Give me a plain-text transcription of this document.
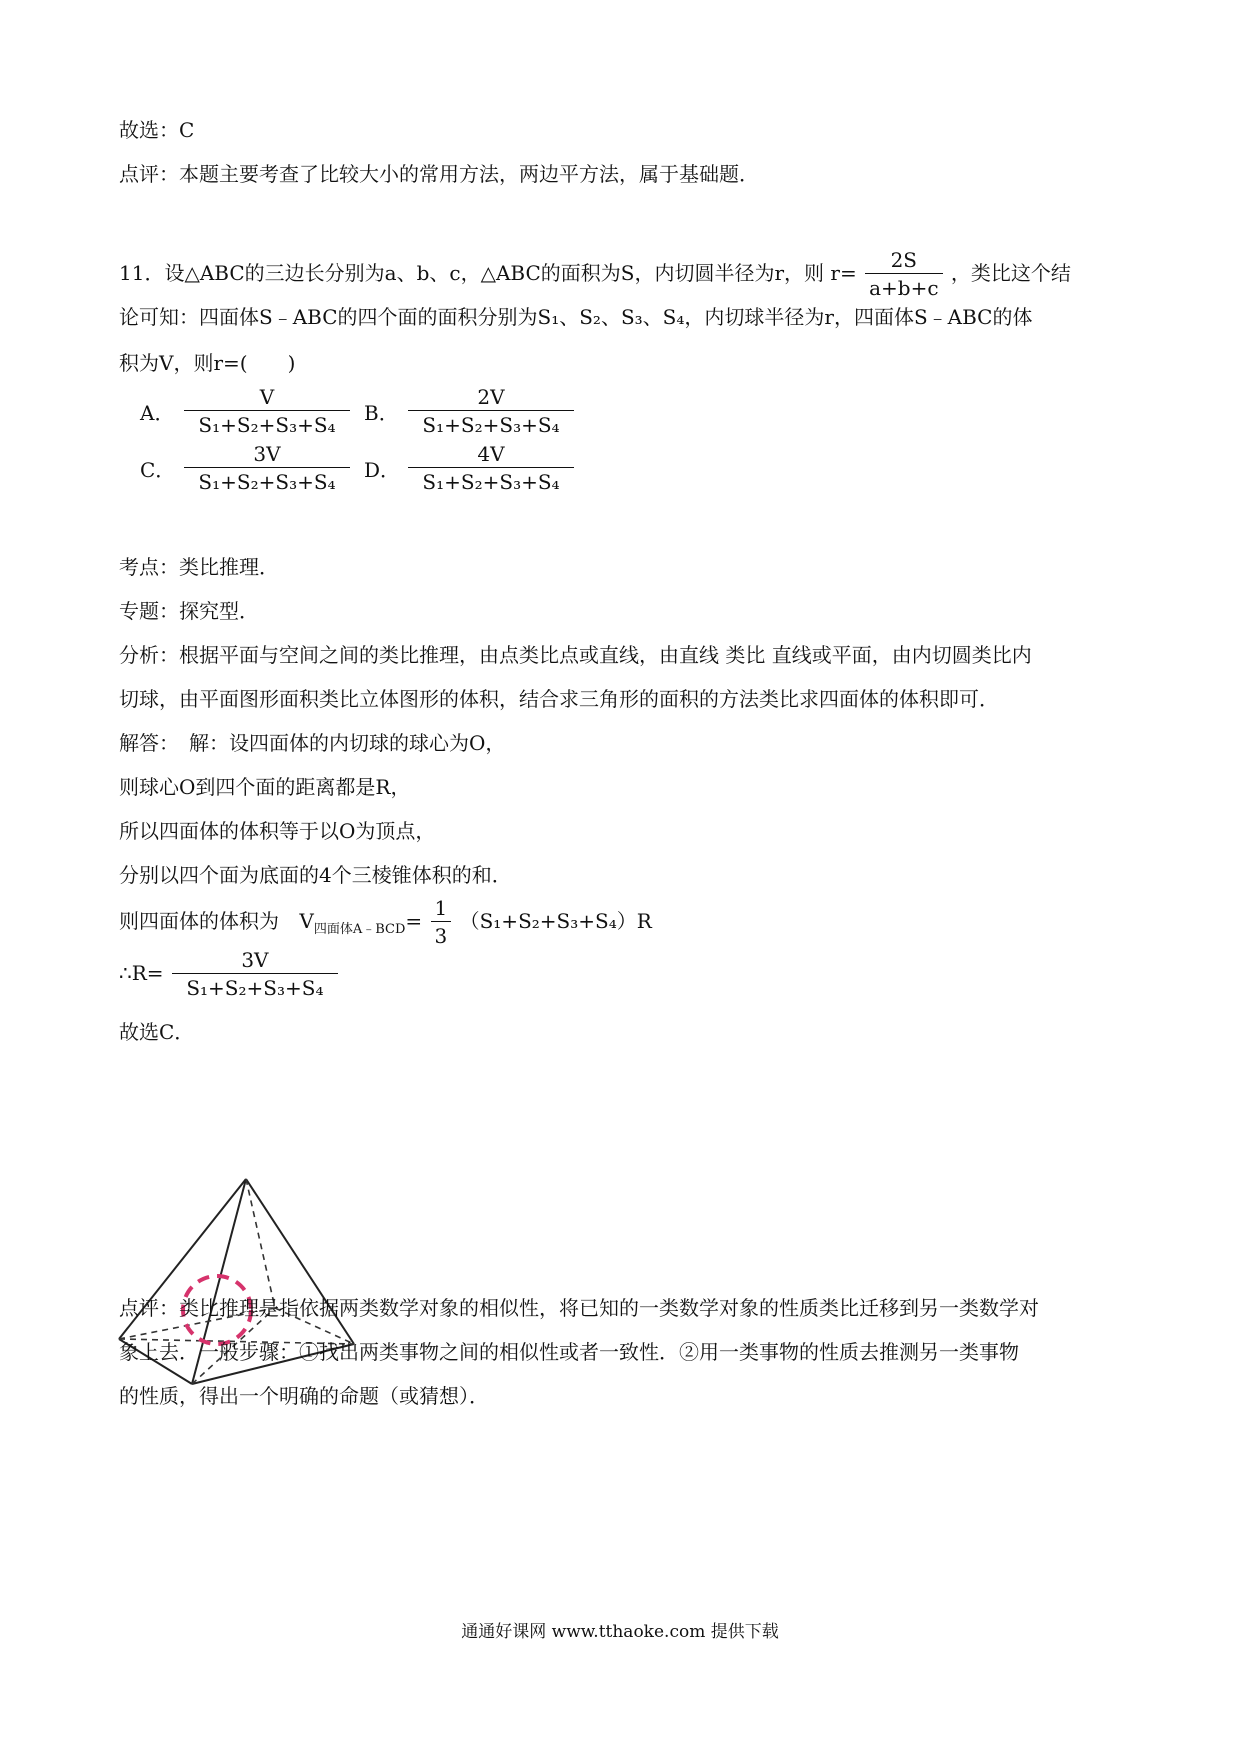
故选：C
点评：本题主要考查了比较大小的常用方法，两边平方法，属于基础题．
11．设△ABC的三边长分别为a、b、c，△ABC的面积为S，内切圆半径为r，则 $r= \frac{2S}{a+b+c}$ ，类比这个结
论可知：四面体S﹣ABC的四个面的面积分别为S₁、S₂、S₃、S₄，内切球半径为r，四面体S﹣ABC的体
积为V，则r=(　　)
A． $\frac{V}{\text{S₁+S₂+S₃+S₄}}$ B． $\frac{2V}{\text{S₁+S₂+S₃+S₄}}$
C． $\frac{3V}{\text{S₁+S₂+S₃+S₄}}$ D． $\frac{4V}{\text{S₁+S₂+S₃+S₄}}$
考点：类比推理．
专题：探究型．
分析：根据平面与空间之间的类比推理，由点类比点或直线，由直线 类比 直线或平面，由内切圆类比内
切球，由平面图形面积类比立体图形的体积，结合求三角形的面积的方法类比求四面体的体积即可．
解答：　解：设四面体的内切球的球心为O，
则球心O到四个面的距离都是R，
所以四面体的体积等于以O为顶点，
分别以四个面为底面的4个三棱锥体积的和．
则四面体的体积为 $V_{四面体A﹣BCD}= \frac{1}{3} (S_1+S_2+S_3+S_4)R$
∴R= $\frac{3V}{\text{S₁+S₂+S₃+S₄}}$
故选C．
点评：类比推理是指依据两类数学对象的相似性，将已知的一类数学对象的性质类比迁移到另一类数学对
象上去．一般步骤：①找出两类事物之间的相似性或者一致性．②用一类事物的性质去推测另一类事物
的性质，得出一个明确的命题（或猜想）．
通通好课网 www.tthaoke.com 提供下载
